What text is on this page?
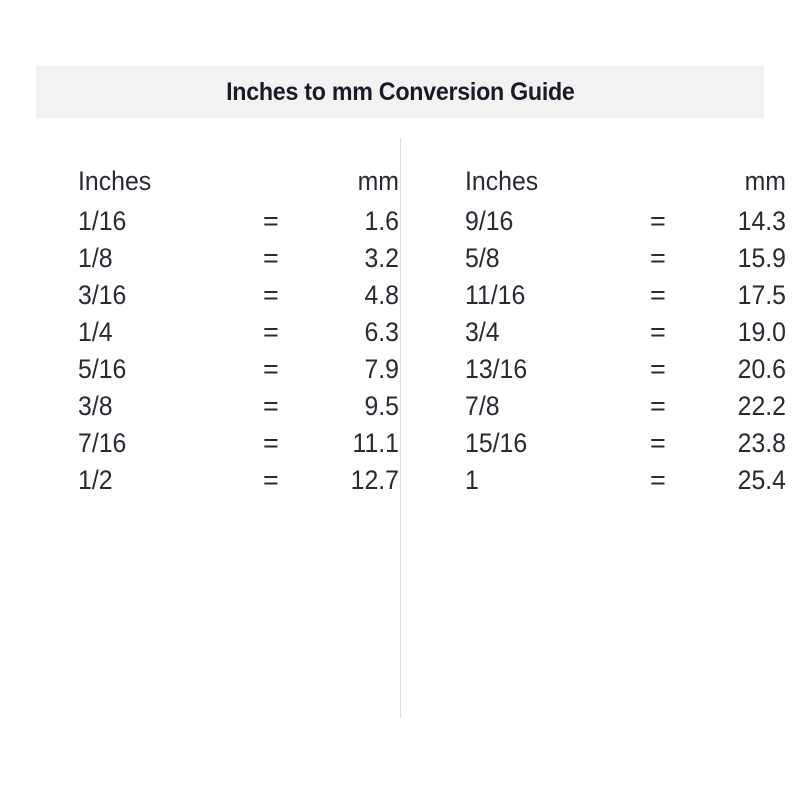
Inches to mm Conversion Guide
Inches	mm
1/16	=	1.6
1/8	=	3.2
3/16	=	4.8
1/4	=	6.3
5/16	=	7.9
3/8	=	9.5
7/16	=	11.1
1/2	=	12.7
Inches	mm
9/16	=	14.3
5/8	=	15.9
11/16	=	17.5
3/4	=	19.0
13/16	=	20.6
7/8	=	22.2
15/16	=	23.8
1	=	25.4
